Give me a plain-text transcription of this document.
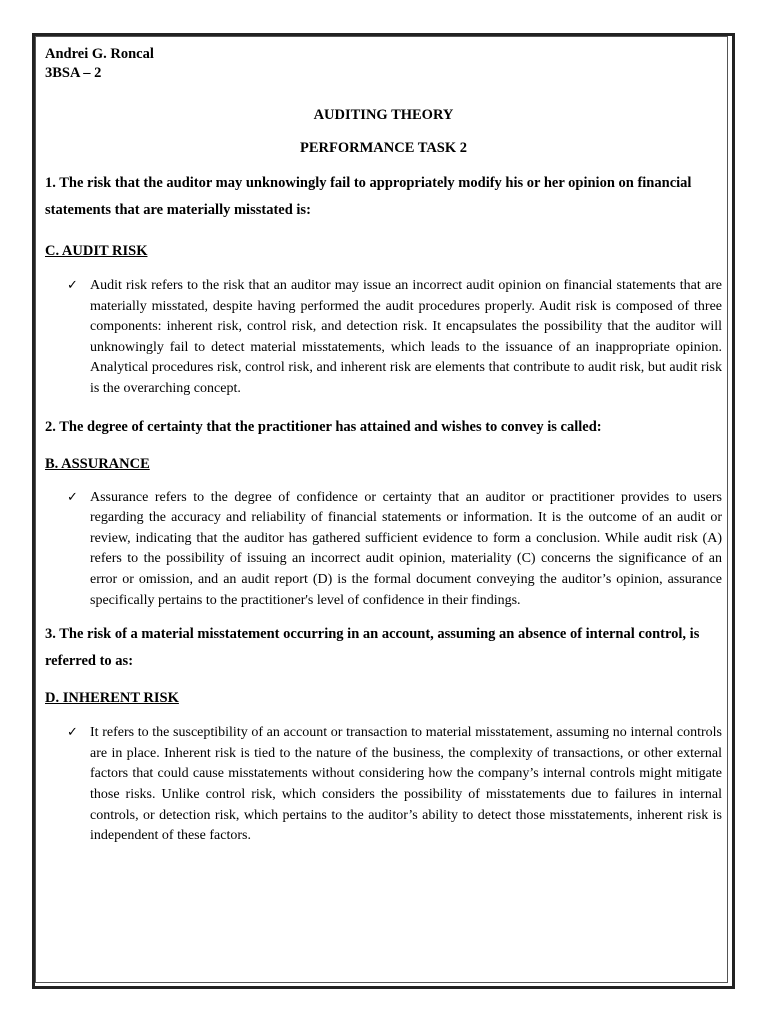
Andrei G. Roncal

3BSA – 2

AUDITING THEORY

PERFORMANCE TASK 2

1. The risk that the auditor may unknowingly fail to appropriately modify his or her opinion on financial statements that are materially misstated is:

C. AUDIT RISK

✓ Audit risk refers to the risk that an auditor may issue an incorrect audit opinion on financial statements that are materially misstated, despite having performed the audit procedures properly. Audit risk is composed of three components: inherent risk, control risk, and detection risk. It encapsulates the possibility that the auditor will unknowingly fail to detect material misstatements, which leads to the issuance of an inappropriate opinion. Analytical procedures risk, control risk, and inherent risk are elements that contribute to audit risk, but audit risk is the overarching concept.

2. The degree of certainty that the practitioner has attained and wishes to convey is called:

B. ASSURANCE

✓ Assurance refers to the degree of confidence or certainty that an auditor or practitioner provides to users regarding the accuracy and reliability of financial statements or information. It is the outcome of an audit or review, indicating that the auditor has gathered sufficient evidence to form a conclusion. While audit risk (A) refers to the possibility of issuing an incorrect audit opinion, materiality (C) concerns the significance of an error or omission, and an audit report (D) is the formal document conveying the auditor’s opinion, assurance specifically pertains to the practitioner's level of confidence in their findings.

3. The risk of a material misstatement occurring in an account, assuming an absence of internal control, is referred to as:

D. INHERENT RISK

✓ It refers to the susceptibility of an account or transaction to material misstatement, assuming no internal controls are in place. Inherent risk is tied to the nature of the business, the complexity of transactions, or other external factors that could cause misstatements without considering how the company’s internal controls might mitigate those risks. Unlike control risk, which considers the possibility of misstatements due to failures in internal controls, or detection risk, which pertains to the auditor’s ability to detect those misstatements, inherent risk is independent of these factors.
